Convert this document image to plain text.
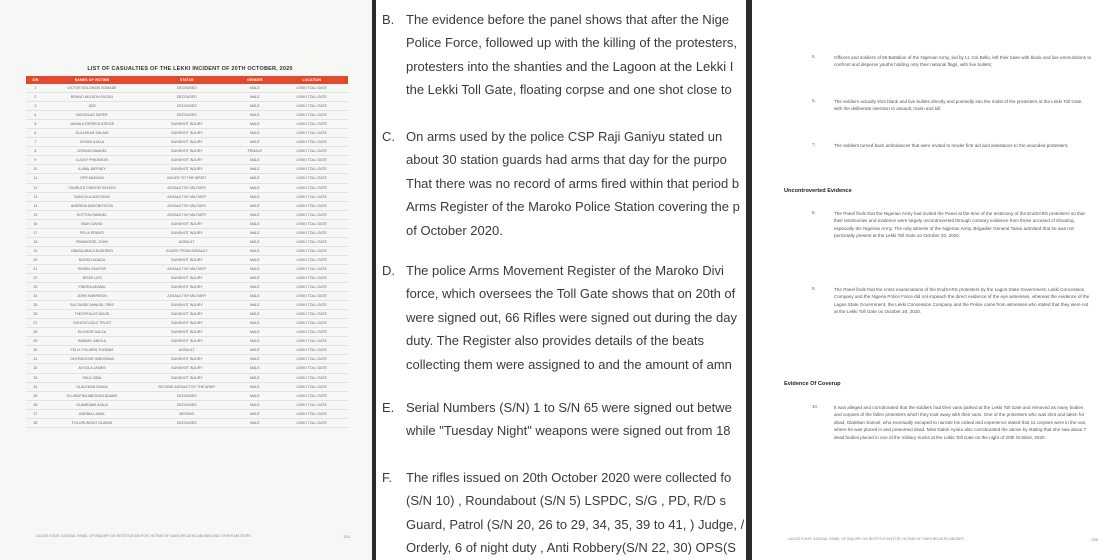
LIST OF CASUALTIES OF THE LEKKI INCIDENT OF 20TH OCTOBER, 2020
S/N	NAMES OF VICTIMS	STATUS	GENDER	LOCATION
1	VICTOR SOLOMON SOMADE	DECEASED	MALE	LEKKI TOLL GATE
2	BRUNO NELSON ISIOGU	DECEASED	MALE	LEKKI TOLL GATE
3	JIDE	DECEASED	MALE	LEKKI TOLL GATE
4	NICHOLAS SAFER	DECEASED	MALE	LEKKI TOLL GATE
5	JUWALA PATRICK ATIEGE	GUNSHOT INJURY	MALE	LEKKI TOLL GATE
6	OLALEKAN SALAMI	GUNSHOT INJURY	MALE	LEKKI TOLL GATE
7	IDOWU AJALA	GUNSHOT INJURY	MALE	LEKKI TOLL GATE
8	JOSHUA SAMUEL	GUNSHOT INJURY	FEMALE	LEKKI TOLL GATE
9	LUCKY PHILEMON	GUNSHOT INJURY	MALE	LEKKI TOLL GATE
10	ILUMA JAFFNEY	GUNSHOT INJURY	MALE	LEKKI TOLL GATE
11	OPE MUMUNI	INJURY TO THE WRIST	MALE	LEKKI TOLL GATE
12	CHARLES CHIDOKI EKHOSI	ASSAULT BY MILITARY	MALE	LEKKI TOLL GATE
13	DANLOLA ADEOGUN	ASSAULT BY MILITARY	MALE	LEKKI TOLL GATE
14	ANDREW ADEGBOYEGA	ASSAULT BY MILITARY	MALE	LEKKI TOLL GATE
15	KOTTON SAMUEL	ASSAULT BY MILITARY	MALE	LEKKI TOLL GATE
16	IBUKI DAVID	GUNSHOT INJURY	MALE	LEKKI TOLL GATE
17	FELIX ERANTI	GUNSHOT INJURY	MALE	LEKKI TOLL GATE
18	FEMIMODEL JOHN	ASSAULT	MALE	LEKKI TOLL GATE
19	OBASA ABDULRASHEED	INJURY FROM ASSAULT	MALE	LEKKI TOLL GATE
20	NONSO AGADA	GUNSHOT INJURY	MALE	LEKKI TOLL GATE
21	EDWIN OKAFOR	ASSAULT BY MILITARY	MALE	LEKKI TOLL GATE
22	JESSE UZO	GUNSHOT INJURY	MALE	LEKKI TOLL GATE
23	FINDRA ADAMU	GUNSHOT INJURY	MALE	LEKKI TOLL GATE
24	JOHN HARRISON	ASSAULT BY MILITARY	MALE	LEKKI TOLL GATE
25	SULTANDE ANNUEL ORIS	GUNSHOT INJURY	MALE	LEKKI TOLL GATE
26	THEOPHILUS DAVID	GUNSHOT INJURY	MALE	LEKKI TOLL GATE
27	OGHOVOJOLO TRUST	GUNSHOT INJURY	MALE	LEKKI TOLL GATE
28	ELISHOR DALZA	GUNSHOT INJURY	MALE	LEKKI TOLL GATE
29	SAMUEL ABIOLA	GUNSHOT INJURY	MALE	LEKKI TOLL GATE
30	FELIX FOLARIN THOMAS	ASSAULT	MALE	LEKKI TOLL GATE
31	ONYEMUCHE OMEONWA	GUNSHOT INJURY	MALE	LEKKI TOLL GATE
32	AYOOLA JAMES	GUNSHOT INJURY	MALE	LEKKI TOLL GATE
33	PAUL OBIA	GUNSHOT INJURY	MALE	LEKKI TOLL GATE
34	OLALEKAN ISIAKA	SECOND ASSAULT BY THE ARMY	MALE	LEKKI TOLL GATE
35	OLUWAFIMI ABIODUN ADAMS	DECEASED	MALE	LEKKI TOLL GATE
36	OLAMIDAMI AJALA	DECEASED	MALE	LEKKI TOLL GATE
37	ASIEBIA LAWAL	MISSING	MALE	LEKKI TOLL GATE
38	FOLORUNSHO OLABISI	DECEASED	MALE	LEKKI TOLL GATE
LAGOS STATE JUDICIAL PANEL OF INQUIRY ON RESTITUTION FOR VICTIMS OF SARS RELATED ABUSES AND OTHER MATTERS	310
B. The evidence before the panel shows that after the Nige
Police Force, followed up with the killing of the protesters,
protesters into the shanties and the Lagoon at the Lekki I
the Lekki Toll Gate, floating corpse and one shot close to
C. On arms used by the police CSP Raji Ganiyu stated un
about 30 station guards had arms that day for the purpo
That there was no record of arms fired within that period b
Arms Register of the Maroko Police Station covering the p
of October 2020.
D. The police Arms Movement Register of the Maroko Divi
force, which oversees the Toll Gate shows that on 20th of
were signed out, 66 Rifles were signed out during the day
duty. The Register also provides details of the beats
collecting them were assigned to and the amount of amn
E. Serial Numbers (S/N) 1 to S/N 65 were signed out betwe
while "Tuesday Night" weapons were signed out from 18
F. The rifles issued on 20th October 2020 were collected fo
(S/N 10) , Roundabout (S/N 5) LSPDC, S/G , PD, R/D s
Guard, Patrol (S/N 20, 26 to 29, 34, 35, 39 to 41, ) Judge, /
Orderly, 6 of night duty , Anti Robbery(S/N 22, 30) OPS(S
LAGOS STATE JUDICIAL PANEL OF INQUIRY ON RESTITUTION FOR VICTIMS OF SARS RELATED ABUSES	295
5.	Officers and soldiers of 65 Battalion of the Nigerian Army, led by Lt. Col Bello, left their base with blank and live ammunitions to confront and disperse youths holding only their national flags, with live bullets;
6.	The soldiers actually shot blank and live bullets directly and pointedly into the midst of the protesters at the Lekki Toll Gate, with the deliberate intention to assault, maim and kill;
7.	The soldiers turned back ambulances that were invited to render first aid and assistance to the wounded protesters;
Uncontroverted Evidence
8.	The Panel finds that the Nigerian Army had invited the Panel at the time of the testimony of the EndSARS protesters so that their testimonies and evidence were largely uncontroverted through contrary evidence from those accused of shooting, especially the Nigerian Army. The only witness of the Nigerian Army, Brigadier General Taiwo admitted that he was not personally present at the Lekki Toll Gate on October 20, 2020.
9.	The Panel finds that the cross examinations of the EndSARS protesters by the Lagos State Government, Lekki Concession Company and the Nigeria Police Force did not impeach the direct evidence of the eye witnesses, whereas the evidence of the Lagos State Government, the Lekki Concession Company and the Police came from witnesses who stated that they were not at the Lekki Toll Gate on October 20, 2020.
Evidence Of Coverup
10.	It was alleged and corroborated that the soldiers had their vans parked at the Lekki Toll Gate and removed as many bodies and corpses of the fallen protesters which they took away with their vans. One of the protesters who was shot and taken for dead, Olalekan Sanusi, who eventually escaped to narrate his ordeal and experience stated that 11 corpses were in the van, where he was placed in and presumed dead. Miss Dabiri Ayoku also corroborated the above by stating that she saw about 7 dead bodies placed in one of the military trucks at the Lekki Toll Gate on the night of 20th October, 2020.
